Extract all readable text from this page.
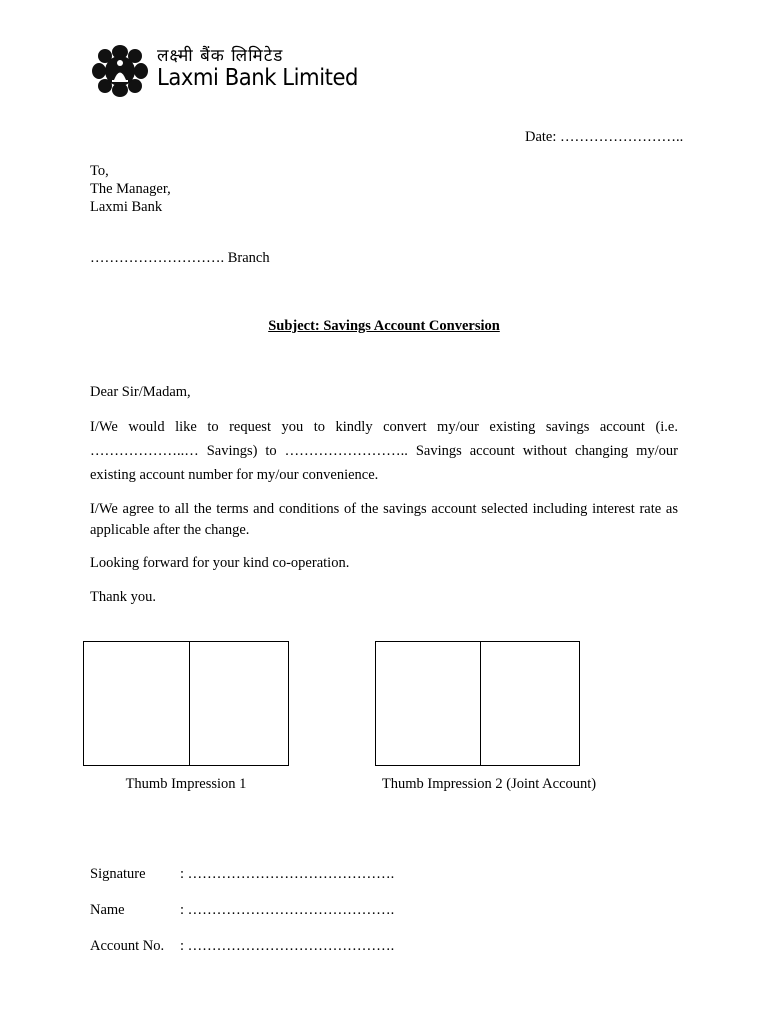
लक्ष्मी बैंक लिमिटेड
Laxmi Bank Limited
Date: ……………………..
To,
The Manager,
Laxmi Bank
………………………. Branch
Subject: Savings Account Conversion
Dear Sir/Madam,
I/We would like to request you to kindly convert my/our existing savings account (i.e. ………………..… Savings) to …………………….. Savings account without changing my/our existing account number for my/our convenience.
I/We agree to all the terms and conditions of the savings account selected including interest rate as applicable after the change.
Looking forward for your kind co-operation.
Thank you.
Thumb Impression 1	Thumb Impression 2 (Joint Account)
Signature	: …………………………………….
Name	: …………………………………….
Account No.	: …………………………………….
